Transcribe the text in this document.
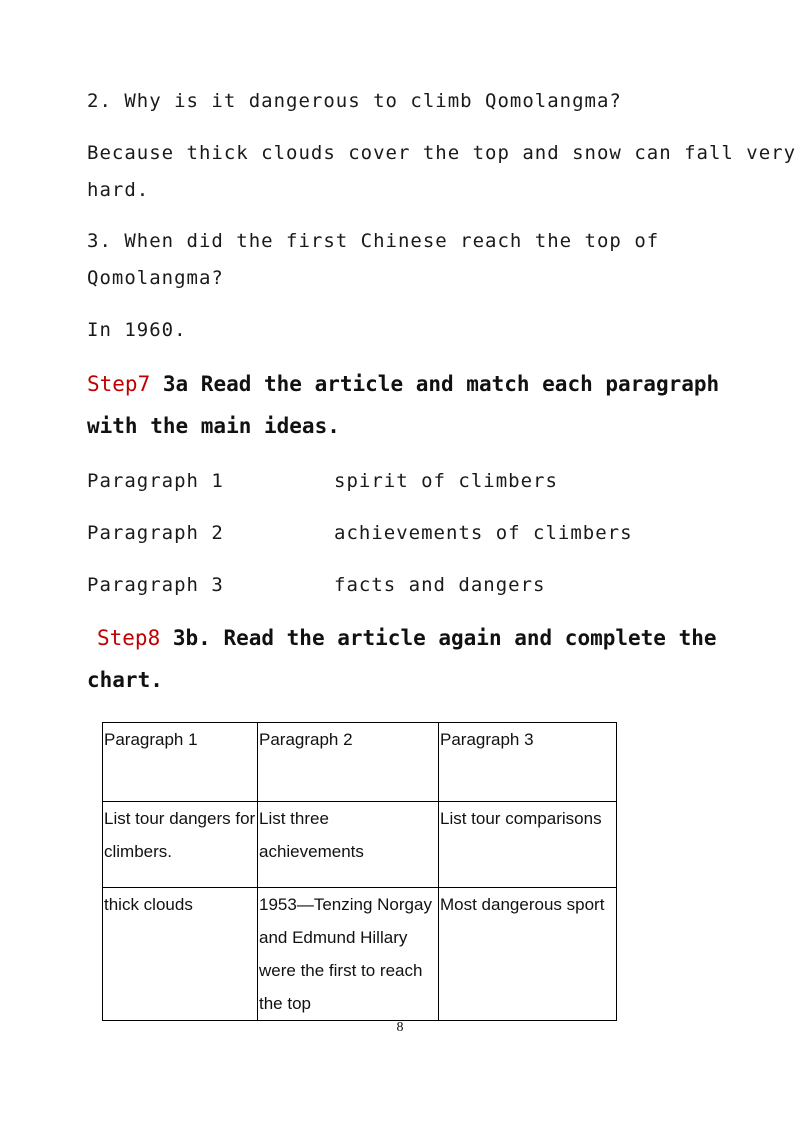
2. Why is it dangerous to climb Qomolangma?

Because thick clouds cover the top and snow can fall very

hard.

3. When did the first Chinese reach the top of

Qomolangma?

In 1960.

Step7 3a Read the article and match each paragraph with the main ideas.
Paragraph 1	spirit of climbers
Paragraph 2	achievements of climbers
Paragraph 3	facts and dangers
Step8 3b. Read the article again and complete the chart.
Paragraph 1	Paragraph 2	Paragraph 3
List tour dangers for climbers.	List three achievements	List tour comparisons
thick clouds	1953—Tenzing Norgay and Edmund Hillary were the first to reach the top	Most dangerous sport
8
